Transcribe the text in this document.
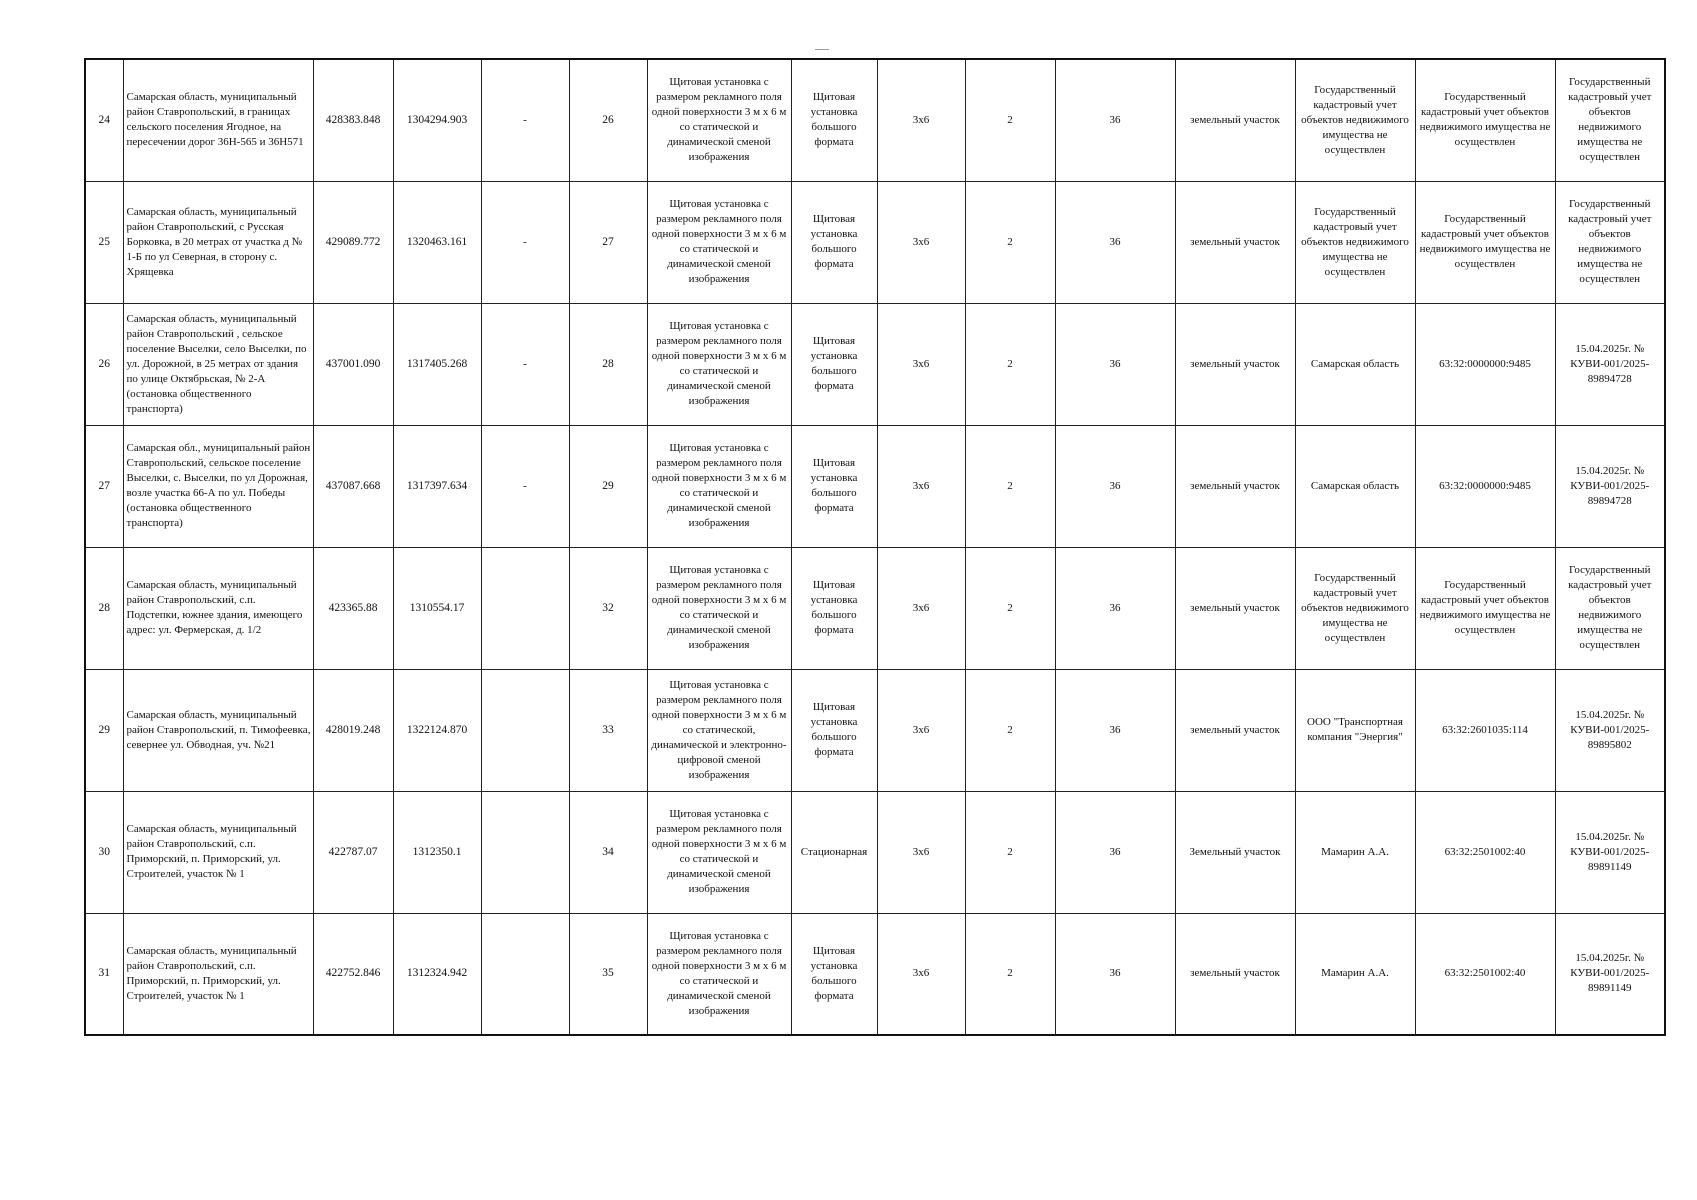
24	Самарская область, муниципальный район Ставропольский, в границах сельского поселения Ягодное, на пересечении дорог 36Н-565 и 36Н571	428383.848	1304294.903	-	26	Щитовая установка с размером рекламного поля одной поверхности 3 м х 6 м со статической и динамической сменой изображения	Щитовая установка большого формата	3х6	2	36	земельный участок	Государственный кадастровый учет объектов недвижимого имущества не осуществлен	Государственный кадастровый учет объектов недвижимого имущества не осуществлен	Государственный кадастровый учет объектов недвижимого имущества не осуществлен
25	Самарская область, муниципальный район Ставропольский, с Русская Борковка, в 20 метрах от участка д № 1-Б по ул Северная, в сторону с. Хрящевка	429089.772	1320463.161	-	27	Щитовая установка с размером рекламного поля одной поверхности 3 м х 6 м со статической и динамической сменой изображения	Щитовая установка большого формата	3х6	2	36	земельный участок	Государственный кадастровый учет объектов недвижимого имущества не осуществлен	Государственный кадастровый учет объектов недвижимого имущества не осуществлен	Государственный кадастровый учет объектов недвижимого имущества не осуществлен
26	Самарская область, муниципальный район Ставропольский , сельское поселение Выселки, село Выселки, по ул. Дорожной, в 25 метрах от здания по улице Октябрьская, № 2-А (остановка общественного транспорта)	437001.090	1317405.268	-	28	Щитовая установка с размером рекламного поля одной поверхности 3 м х 6 м со статической и динамической сменой изображения	Щитовая установка большого формата	3х6	2	36	земельный участок	Самарская область	63:32:0000000:9485	15.04.2025г. № КУВИ-001/2025-89894728
27	Самарская обл., муниципальный район Ставропольский, сельское поселение Выселки, с. Выселки, по ул Дорожная, возле участка 66-А по ул. Победы (остановка общественного транспорта)	437087.668	1317397.634	-	29	Щитовая установка с размером рекламного поля одной поверхности 3 м х 6 м со статической и динамической сменой изображения	Щитовая установка большого формата	3х6	2	36	земельный участок	Самарская область	63:32:0000000:9485	15.04.2025г. № КУВИ-001/2025-89894728
28	Самарская область, муниципальный район Ставропольский, с.п. Подстепки, южнее здания, имеющего адрес: ул. Фермерская, д. 1/2	423365.88	1310554.17		32	Щитовая установка с размером рекламного поля одной поверхности 3 м х 6 м со статической и динамической сменой изображения	Щитовая установка большого формата	3х6	2	36	земельный участок	Государственный кадастровый учет объектов недвижимого имущества не осуществлен	Государственный кадастровый учет объектов недвижимого имущества не осуществлен	Государственный кадастровый учет объектов недвижимого имущества не осуществлен
29	Самарская область, муниципальный район Ставропольский, п. Тимофеевка, севернее ул. Обводная, уч. №21	428019.248	1322124.870		33	Щитовая установка с размером рекламного поля одной поверхности 3 м х 6 м со статической, динамической и электронно-цифровой сменой изображения	Щитовая установка большого формата	3х6	2	36	земельный участок	ООО "Транспортная компания "Энергия"	63:32:2601035:114	15.04.2025г. № КУВИ-001/2025-89895802
30	Самарская область, муниципальный район Ставропольский, с.п. Приморский, п. Приморский, ул. Строителей, участок № 1	422787.07	1312350.1		34	Щитовая установка с размером рекламного поля одной поверхности 3 м х 6 м со статической и динамической сменой изображения	Стационарная	3х6	2	36	Земельный участок	Мамарин А.А.	63:32:2501002:40	15.04.2025г. № КУВИ-001/2025-89891149
31	Самарская область, муниципальный район Ставропольский, с.п. Приморский, п. Приморский, ул. Строителей, участок № 1	422752.846	1312324.942		35	Щитовая установка с размером рекламного поля одной поверхности 3 м х 6 м со статической и динамической сменой изображения	Щитовая установка большого формата	3х6	2	36	земельный участок	Мамарин А.А.	63:32:2501002:40	15.04.2025г. № КУВИ-001/2025-89891149
